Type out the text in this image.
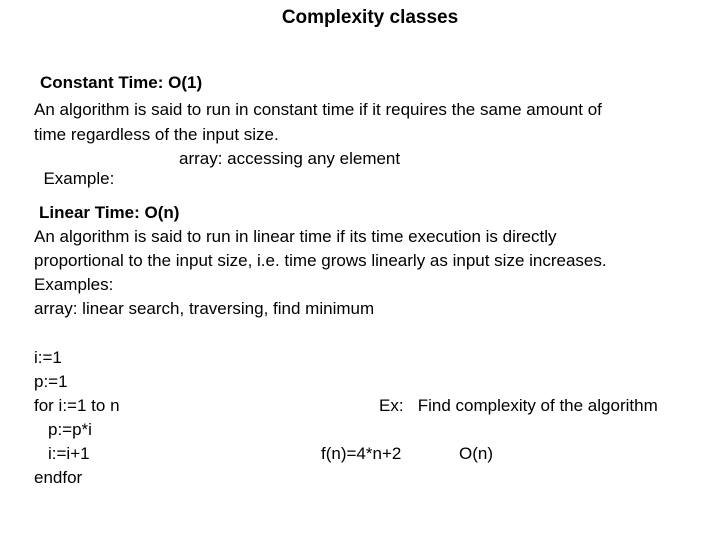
Complexity classes
Constant Time: O(1)
An algorithm is said to run in constant time if it requires the same amount of
time regardless of the input size.

Example:

array: accessing any element

Linear Time: O(n)
An algorithm is said to run in linear time if its time execution is directly
proportional to the input size, i.e. time grows linearly as input size increases.
Examples:
array: linear search, traversing, find minimum
i:=1
p:=1
for i:=1 to n
p:=p*i
i:=i+1
endfor
Ex:   Find complexity of the algorithm
f(n)=4*n+2	O(n)
